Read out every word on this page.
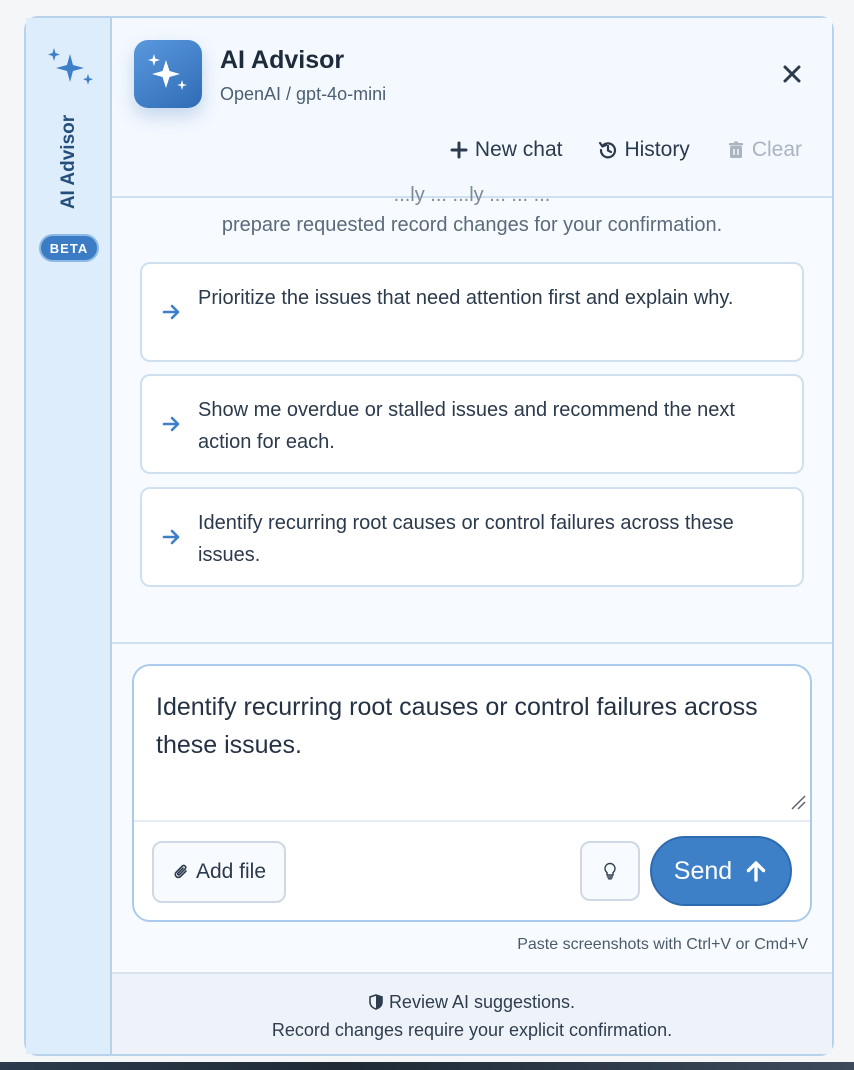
AI Advisor
BETA
AI Advisor
OpenAI / gpt-4o-mini
New chat	History	Clear
...ly ... ...ly ... ... ...
prepare requested record changes for your confirmation.
Prioritize the issues that need attention first and explain why.
Show me overdue or stalled issues and recommend the next action for each.
Identify recurring root causes or control failures across these issues.
Identify recurring root causes or control failures across these issues.
Add file	Send
Paste screenshots with Ctrl+V or Cmd+V
Review AI suggestions.
Record changes require your explicit confirmation.
